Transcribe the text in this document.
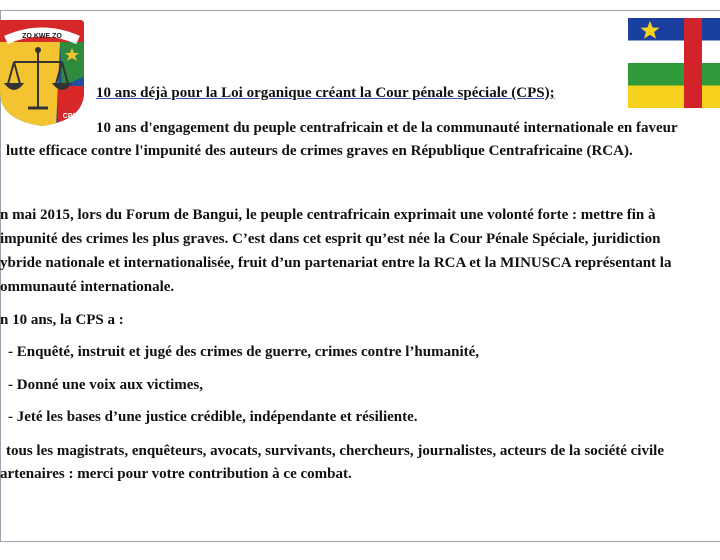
ZO KWE ZO
CPS
10 ans déjà pour la Loi organique créant la Cour pénale spéciale (CPS);
10 ans d'engagement du peuple centrafricain et de la communauté internationale en faveur
lutte efficace contre l'impunité des auteurs de crimes graves en République Centrafricaine (RCA).
n mai 2015, lors du Forum de Bangui, le peuple centrafricain exprimait une volonté forte : mettre fin à
impunité des crimes les plus graves. C’est dans cet esprit qu’est née la Cour Pénale Spéciale, juridiction
ybride nationale et internationalisée, fruit d’un partenariat entre la RCA et la MINUSCA représentant la
ommunauté internationale.
n 10 ans, la CPS a :
- Enquêté, instruit et jugé des crimes de guerre, crimes contre l’humanité,
- Donné une voix aux victimes,
- Jeté les bases d’une justice crédible, indépendante et résiliente.
tous les magistrats, enquêteurs, avocats, survivants, chercheurs, journalistes, acteurs de la société civile
artenaires : merci pour votre contribution à ce combat.
